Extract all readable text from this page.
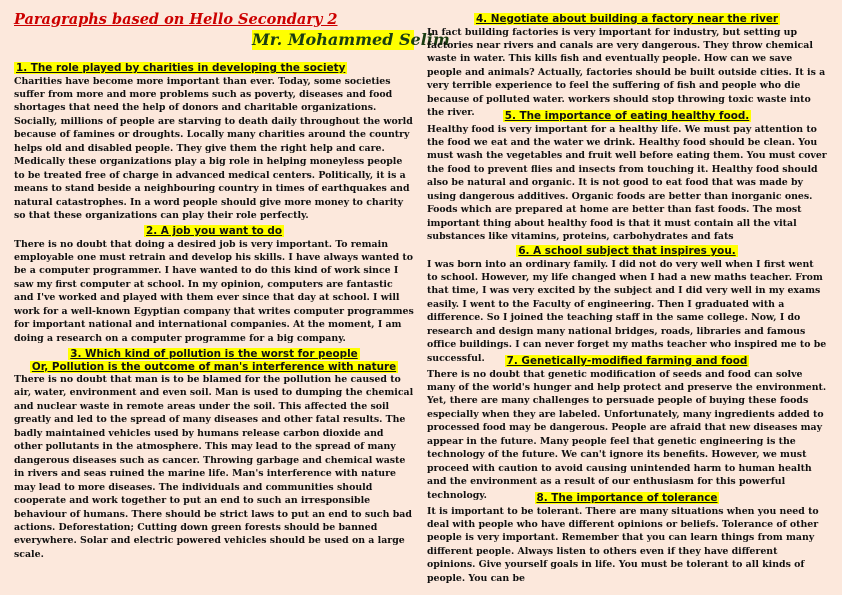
Paragraphs based on Hello Secondary 2
Mr. Mohammed Selim

1. The role played by charities in developing the society

Charities have become more important than ever. Today, some societies suffer from more and more problems such as poverty, diseases and food shortages that need the help of donors and charitable organizations. Socially, millions of people are starving to death daily throughout the world because of famines or droughts. Locally many charities around the country helps old and disabled people. They give them the right help and care. Medically these organizations play a big role in helping moneyless people to be treated free of charge in advanced medical centers. Politically, it is a means to stand beside a neighbouring country in times of earthquakes and natural catastrophes. In a word people should give more money to charity so that these organizations can play their role perfectly.

2. A job you want to do

There is no doubt that doing a desired job is very important. To remain employable one must retrain and develop his skills. I have always wanted to be a computer programmer. I have wanted to do this kind of work since I saw my first computer at school. In my opinion, computers are fantastic and I've worked and played with them ever since that day at school. I will work for a well-known Egyptian company that writes computer programmes for important national and international companies. At the moment, I am doing a research on a computer programme for a big company.

3. Which kind of pollution is the worst for people

Or, Pollution is the outcome of man's interference with nature

There is no doubt that man is to be blamed for the pollution he caused to air, water, environment and even soil. Man is used to dumping the chemical and nuclear waste in remote areas under the soil. This affected the soil greatly and led to the spread of many diseases and other fatal results. The badly maintained vehicles used by humans release carbon dioxide and other pollutants in the atmosphere. This may lead to the spread of many dangerous diseases such as cancer. Throwing garbage and chemical waste in rivers and seas ruined the marine life. Man's interference with nature may lead to more diseases. The individuals and communities should cooperate and work together to put an end to such an irresponsible behaviour of humans. There should be strict laws to put an end to such bad actions. Deforestation; Cutting down green forests should be banned everywhere. Solar and electric powered vehicles should be used on a large scale.

4. Negotiate about building a factory near the river

In fact building factories is very important for industry, but setting up factories near rivers and canals are very dangerous. They throw chemical waste in water. This kills fish and eventually people. How can we save people and animals? Actually, factories should be built outside cities. It is a very terrible experience to feel the suffering of fish and people who die because of polluted water. workers should stop throwing toxic waste into the river.	5. The importance of eating healthy food.

Healthy food is very important for a healthy life. We must pay attention to the food we eat and the water we drink. Healthy food should be clean. You must wash the vegetables and fruit well before eating them. You must cover the food to prevent flies and insects from touching it. Healthy food should also be natural and organic. It is not good to eat food that was made by using dangerous additives. Organic foods are better than inorganic ones. Foods which are prepared at home are better than fast foods. The most important thing about healthy food is that it must contain all the vital substances like vitamins, proteins, carbohydrates and fats

6. A school subject that inspires you.

I was born into an ordinary family. I did not do very well when I first went to school. However, my life changed when I had a new maths teacher. From that time, I was very excited by the subject and I did very well in my exams easily. I went to the Faculty of engineering. Then I graduated with a difference. So I joined the teaching staff in the same college. Now, I do research and design many national bridges, roads, libraries and famous office buildings. I can never forget my maths teacher who inspired me to be successful.	7. Genetically-modified farming and food

There is no doubt that genetic modification of seeds and food can solve many of the world's hunger and help protect and preserve the environment. Yet, there are many challenges to persuade people of buying these foods especially when they are labeled. Unfortunately, many ingredients added to processed food may be dangerous. People are afraid that new diseases may appear in the future. Many people feel that genetic engineering is the technology of the future. We can't ignore its benefits. However, we must proceed with caution to avoid causing unintended harm to human health and the environment as a result of our enthusiasm for this powerful technology.	8. The importance of tolerance

It is important to be tolerant. There are many situations when you need to deal with people who have different opinions or beliefs. Tolerance of other people is very important. Remember that you can learn things from many different people. Always listen to others even if they have different opinions. Give yourself goals in life. You must be tolerant to all kinds of people. You can be
